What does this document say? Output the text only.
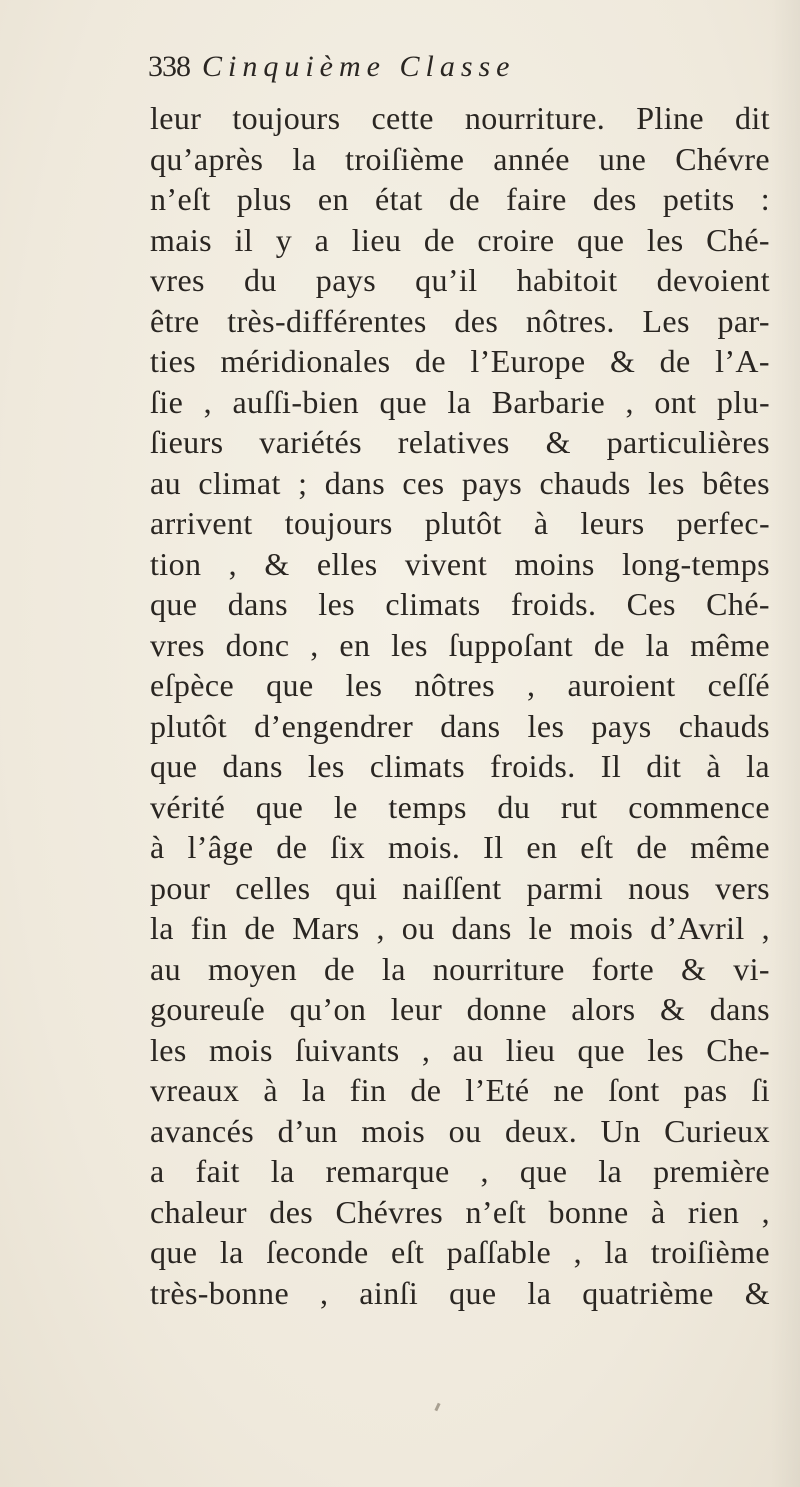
338 Cinquième Classe
leur toujours cette nourriture. Pline dit
qu’après la troiſième année une Chévre
n’eſt plus en état de faire des petits :
mais il y a lieu de croire que les Ché-
vres du pays qu’il habitoit devoient
être très-différentes des nôtres. Les par-
ties méridionales de l’Europe & de l’A-
ſie , auſſi-bien que la Barbarie , ont plu-
ſieurs variétés relatives & particulières
au climat ; dans ces pays chauds les bêtes
arrivent toujours plutôt à leurs perfec-
tion , & elles vivent moins long-temps
que dans les climats froids. Ces Ché-
vres donc , en les ſuppoſant de la même
eſpèce que les nôtres , auroient ceſſé
plutôt d’engendrer dans les pays chauds
que dans les climats froids. Il dit à la
vérité que le temps du rut commence
à l’âge de ſix mois. Il en eſt de même
pour celles qui naiſſent parmi nous vers
la fin de Mars , ou dans le mois d’Avril ,
au moyen de la nourriture forte & vi-
goureuſe qu’on leur donne alors & dans
les mois ſuivants , au lieu que les Che-
vreaux à la fin de l’Eté ne ſont pas ſi
avancés d’un mois ou deux. Un Curieux
a fait la remarque , que la première
chaleur des Chévres n’eſt bonne à rien ,
que la ſeconde eſt paſſable , la troiſième
très-bonne , ainſi que la quatrième &
